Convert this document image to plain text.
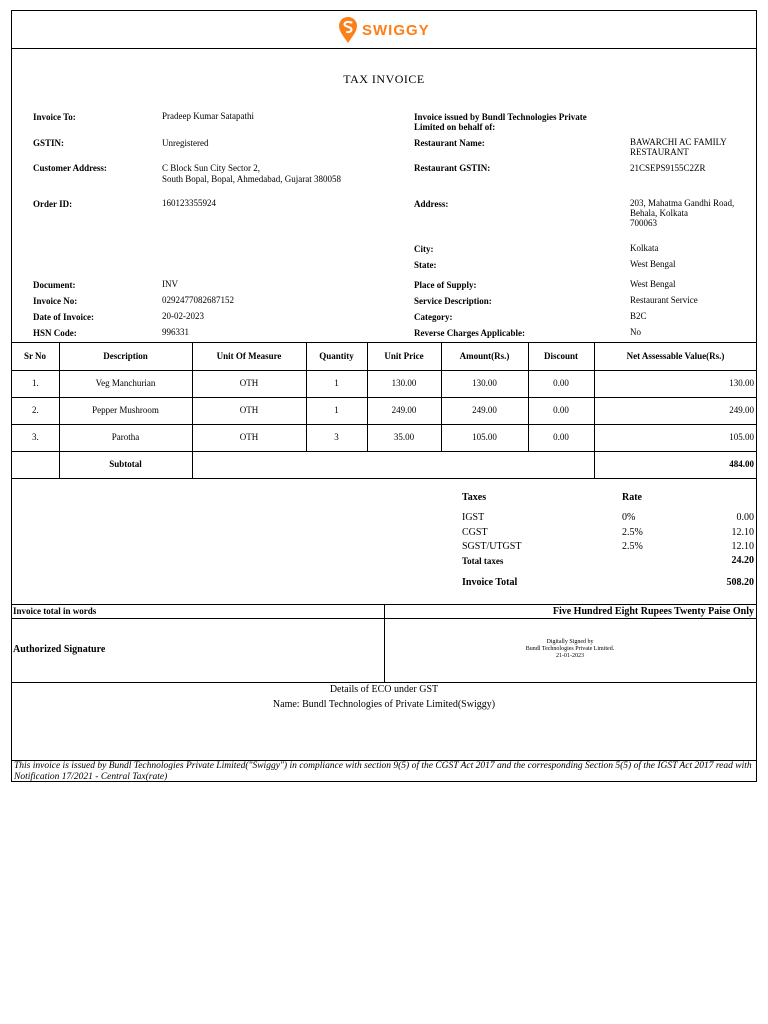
SWIGGY
TAX INVOICE
Invoice To:	Pradeep Kumar Satapathi
GSTIN:	Unregistered
Customer Address:	C Block Sun City Sector 2,
South Bopal, Bopal, Ahmedabad, Gujarat 380058
Order ID:	160123355924
Document:	INV
Invoice No:	0292477082687152
Date of Invoice:	20-02-2023
HSN Code:	996331
Invoice issued by Bundl Technologies Private
Limited on behalf of:
Restaurant Name:	BAWARCHI AC FAMILY
RESTAURANT
Restaurant GSTIN:	21CSEPS9155C2ZR
Address:	203, Mahatma Gandhi Road,
Behala, Kolkata
700063
City:	Kolkata
State:	West Bengal
Place of Supply:	West Bengal
Service Description:	Restaurant Service
Category:	B2C
Reverse Charges Applicable:	No
Sr No	Description	Unit Of Measure	Quantity	Unit Price	Amount(Rs.)	Discount	Net Assessable Value(Rs.)
1.	Veg Manchurian	OTH	1	130.00	130.00	0.00	130.00
2.	Pepper Mushroom	OTH	1	249.00	249.00	0.00	249.00
3.	Parotha	OTH	3	35.00	105.00	0.00	105.00
Subtotal	484.00
Taxes	Rate
IGST	0%	0.00
CGST	2.5%	12.10
SGST/UTGST	2.5%	12.10
Total taxes	24.20
Invoice Total	508.20
Invoice total in words	Five Hundred Eight Rupees Twenty Paise Only
Authorized Signature
Digitally Signed by
Bundl Technologies Private Limited.
21-01-2023
Details of ECO under GST
Name: Bundl Technologies of Private Limited(Swiggy)
This invoice is issued by Bundl Technologies Private Limited("Swiggy") in compliance with section 9(5) of the CGST Act 2017 and the corresponding Section 5(5) of the IGST Act 2017 read with Notification 17/2021 - Central Tax(rate)
